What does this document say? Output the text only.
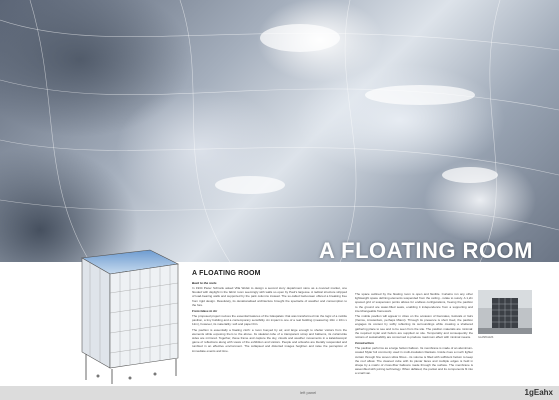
A FLOATING ROOM
A FLOATING ROOM
Back to the roots
In 1934 Pieter Schrank asked Villa Wolsk to design a second story department store as a covered market, one flooded with daylight in the fabric room seemingly with walls so open by Paul's largesse. A radical structure stripped of load-bearing walls and supported by the park columns instead. The so-called Gebouwen offered a breaking free from rigid design. Resolutely, its denationalised architecture brought the spectacle of weather and consumption to the fore.
From Glass to Air
The proposed project revives the essential features of the Glaspaleis: that was transformed into the logic of a mobile pavilion, a tiny building and a contemporary sensibility. An impact is one of a real building (measuring 10m x 10m x 12m), however, its materiality: soft and paper thin.
The pavilion is essentially a floating cloth: a room buoyed by air, and large enough to shelter visitors from the elements while exposing them to the above. Its skeletal cube of a transparent scrap and balloons, its curtain-like sides are mirrored. Together, these frame and capture the sky, clouds and weather movements in a kaleidoscopic game of reflections along with views of the exhibition and visitors. People and artworks are literally suspended and tumbled in an effective environment. The collapsed and distorted images heighten and raise the perception of immediate events and time.
The space outlined by the floating room is open and flexible. Curtains run any other lightweight space defining elements suspended from the ceiling - relate to surely. A 1,2m spaced grid of suspension points allows for endless configurations, freeing the pavilion to the ground are water-filled seats, enabling it independence from a supporting and interchangeable framework.
The mobile pavilion will appear in cities on the occasion of biennales, festivals or fairs (Venice, Amsterdam, perhaps Miami). Through its presence is short lived, the pavilion engages its context by softly reflecting its surroundings while creating a sheltered gathering place to see and to be seen from the site. The pavilion materials are minimal: the required mylar and helium are supplied on site. Temporality and consequently the notions of sustainability are concerned to produce maximum effect with minimal means.
Construction
The pavilion performs as a large helium balloon. Its membrane is made of an aluminium-coated Mylar foil commonly used in multi-insulation blankets. Inside rises a much lighter curtain through fine woven silica fibres - its volume is filled with sufficient helium to keep the roof afloat. The cleaned cube with its plenar faces and multiple edges is held in shape by a matrix of cross-fiber balloons made through the surface. The membrane is assembled with joining technology. When deflated, the pocket and its components fit into a small van.
GLASPALEIS
left panel	1gEahx
